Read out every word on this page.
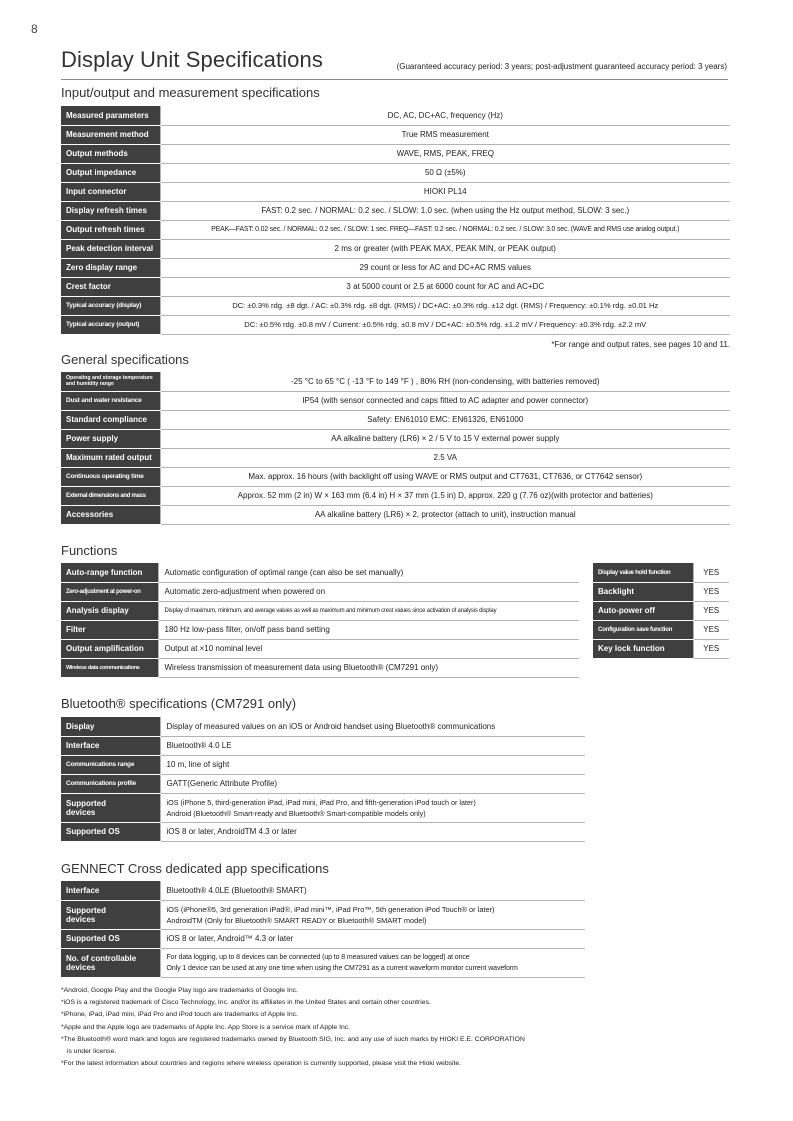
8
Display Unit Specifications	(Guaranteed accuracy period: 3 years; post-adjustment guaranteed accuracy period: 3 years)
Input/output and measurement specifications
Measured parameters	DC, AC, DC+AC, frequency (Hz)
Measurement method	True RMS measurement
Output methods	WAVE, RMS, PEAK, FREQ
Output impedance	50 Ω (±5%)
Input connector	HIOKI PL14
Display refresh times	FAST: 0.2 sec. / NORMAL: 0.2 sec. / SLOW: 1.0 sec. (when using the Hz output method, SLOW: 3 sec.)
Output refresh times	PEAK—FAST: 0.02 sec. / NORMAL: 0.2 sec. / SLOW: 1 sec. FREQ—FAST: 0.2 sec. / NORMAL: 0.2 sec. / SLOW: 3.0 sec. (WAVE and RMS use analog output.)
Peak detection interval	2 ms or greater (with PEAK MAX, PEAK MIN, or PEAK output)
Zero display range	29 count or less for AC and DC+AC RMS values
Crest factor	3 at 5000 count or 2.5 at 6000 count for AC and AC+DC
Typical accuracy (display)	DC: ±0.3% rdg. ±8 dgt. / AC: ±0.3% rdg. ±8 dgt. (RMS) / DC+AC: ±0.3% rdg. ±12 dgt. (RMS) / Frequency: ±0.1% rdg. ±0.01 Hz
Typical accuracy (output)	DC: ±0.5% rdg. ±0.8 mV / Current: ±0.5% rdg. ±0.8 mV / DC+AC: ±0.5% rdg. ±1.2 mV / Frequency: ±0.3% rdg. ±2.2 mV
*For range and output rates, see pages 10 and 11.
General specifications
Operating and storage temperature and humidity range	-25 °C to 65 °C ( -13 °F to 149 °F ) , 80% RH (non-condensing, with batteries removed)
Dust and water resistance	IP54 (with sensor connected and caps fitted to AC adapter and power connector)
Standard compliance	Safety: EN61010 EMC: EN61326, EN61000
Power supply	AA alkaline battery (LR6) × 2 / 5 V to 15 V external power supply
Maximum rated output	2.5 VA
Continuous operating time	Max. approx. 16 hours (with backlight off using WAVE or RMS output and CT7631, CT7636, or CT7642 sensor)
External dimensions and mass	Approx. 52 mm (2 in) W × 163 mm (6.4 in) H × 37 mm (1.5 in) D, approx. 220 g (7.76 oz)(with protector and batteries)
Accessories	AA alkaline battery (LR6) × 2, protector (attach to unit), instruction manual
Functions
Auto-range function	Automatic configuration of optimal range (can also be set manually)
Zero-adjustment at power-on	Automatic zero-adjustment when powered on
Analysis display	Display of maximum, minimum, and average values as well as maximum and minimum crest values since activation of analysis display
Filter	180 Hz low-pass filter, on/off pass band setting
Output amplification	Output at ×10 nominal level
Wireless data communications	Wireless transmission of measurement data using Bluetooth® (CM7291 only)
Display value hold function	YES
Backlight	YES
Auto-power off	YES
Configuration save function	YES
Key lock function	YES
Bluetooth® specifications (CM7291 only)
Display	Display of measured values on an iOS or Android handset using Bluetooth® communications
Interface	Bluetooth® 4.0 LE
Communications range	10 m, line of sight
Communications profile	GATT(Generic Attribute Profile)
Supported devices	iOS (iPhone 5, third-generation iPad, iPad mini, iPad Pro, and fifth-generation iPod touch or later)
Android (Bluetooth® Smart-ready and Bluetooth® Smart-compatible models only)

Supported OS	iOS 8 or later, AndroidTM 4.3 or later
GENNECT Cross dedicated app specifications
Interface	Bluetooth® 4.0LE (Bluetooth® SMART)
Supported devices	iOS (iPhone®5, 3rd generation iPad®, iPad mini™, iPad Pro™, 5th generation iPod Touch® or later)
AndroidTM (Only for Bluetooth® SMART READY or Bluetooth® SMART model)

Supported OS	iOS 8 or later, Android™ 4.3 or later
No. of controllable devices	For data logging, up to 8 devices can be connected (up to 8 measured values can be logged) at once
Only 1 device can be used at any one time when using the CM7291 as a current waveform monitor current waveform
*Android, Google Play and the Google Play logo are trademarks of Google Inc.
*iOS is a registered trademark of Cisco Technology, Inc. and/or its affiliates in the United States and certain other countries.
*iPhone, iPad, iPad mini, iPad Pro and iPod touch are trademarks of Apple Inc.
*Apple and the Apple logo are trademarks of Apple Inc. App Store is a service mark of Apple Inc.
*The Bluetooth® word mark and logos are registered trademarks owned by Bluetooth SIG, Inc. and any use of such marks by HIOKI E.E. CORPORATION
is under license.
*For the latest information about countries and regions where wireless operation is currently supported, please visit the Hioki website.
